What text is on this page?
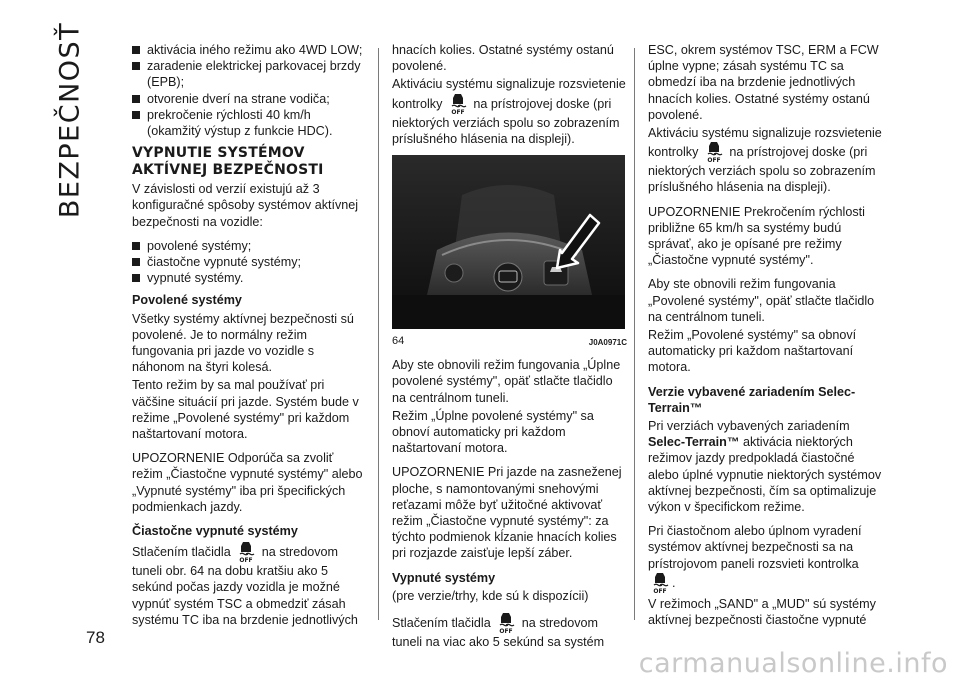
BEZPEČNOSŤ
78
aktivácia iného režimu ako 4WD LOW;
zaradenie elektrickej parkovacej brzdy (EPB);
otvorenie dverí na strane vodiča;
prekročenie rýchlosti 40 km/h (okamžitý výstup z funkcie HDC).
VYPNUTIE SYSTÉMOV AKTÍVNEJ BEZPEČNOSTI

V závislosti od verzií existujú až 3 konfiguračné spôsoby systémov aktívnej bezpečnosti na vozidle:

povolené systémy;
čiastočne vypnuté systémy;
vypnuté systémy.
Povolené systémy

Všetky systémy aktívnej bezpečnosti sú povolené. Je to normálny režim fungovania pri jazde vo vozidle s náhonom na štyri kolesá.

Tento režim by sa mal používať pri väčšine situácií pri jazde. Systém bude v režime „Povolené systémy" pri každom naštartovaní motora.

UPOZORNENIE Odporúča sa zvoliť režim „Čiastočne vypnuté systémy" alebo „Vypnuté systémy" iba pri špecifických podmienkach jazdy.

Čiastočne vypnuté systémy

Stlačením tlačidla na stredovom tuneli obr. 64 na dobu kratšiu ako 5 sekúnd počas jazdy vozidla je možné vypnúť systém TSC a obmedziť zásah systému TC iba na brzdenie jednotlivých

hnacích kolies. Ostatné systémy ostanú povolené.

Aktiváciu systému signalizuje rozsvietenie kontrolky na prístrojovej doske (pri niektorých verziách spolu so zobrazením príslušného hlásenia na displeji).

64	J0A0971C

Aby ste obnovili režim fungovania „Úplne povolené systémy", opäť stlačte tlačidlo na centrálnom tuneli.

Režim „Úplne povolené systémy" sa obnoví automaticky pri každom naštartovaní motora.

UPOZORNENIE Pri jazde na zasneženej ploche, s namontovanými snehovými reťazami môže byť užitočné aktivovať režim „Čiastočne vypnuté systémy": za týchto podmienok kĺzanie hnacích kolies pri rozjazde zaisťuje lepší záber.

Vypnuté systémy

(pre verzie/trhy, kde sú k dispozícii)

Stlačením tlačidla na stredovom tuneli na viac ako 5 sekúnd sa systém

ESC, okrem systémov TSC, ERM a FCW úplne vypne; zásah systému TC sa obmedzí iba na brzdenie jednotlivých hnacích kolies. Ostatné systémy ostanú povolené.

Aktiváciu systému signalizuje rozsvietenie kontrolky na prístrojovej doske (pri niektorých verziách spolu so zobrazením príslušného hlásenia na displeji).

UPOZORNENIE Prekročením rýchlosti približne 65 km/h sa systémy budú správať, ako je opísané pre režimy „Čiastočne vypnuté systémy".

Aby ste obnovili režim fungovania „Povolené systémy", opäť stlačte tlačidlo na centrálnom tuneli.

Režim „Povolené systémy" sa obnoví automaticky pri každom naštartovaní motora.

Verzie vybavené zariadením Selec-Terrain™

Pri verziách vybavených zariadením Selec-Terrain™ aktivácia niektorých režimov jazdy predpokladá čiastočné alebo úplné vypnutie niektorých systémov aktívnej bezpečnosti, čím sa optimalizuje výkon v špecifickom režime.

Pri čiastočnom alebo úplnom vyradení systémov aktívnej bezpečnosti sa na prístrojovom paneli rozsvieti kontrolka .

V režimoch „SAND" a „MUD" sú systémy aktívnej bezpečnosti čiastočne vypnuté

carmanualsonline.info
